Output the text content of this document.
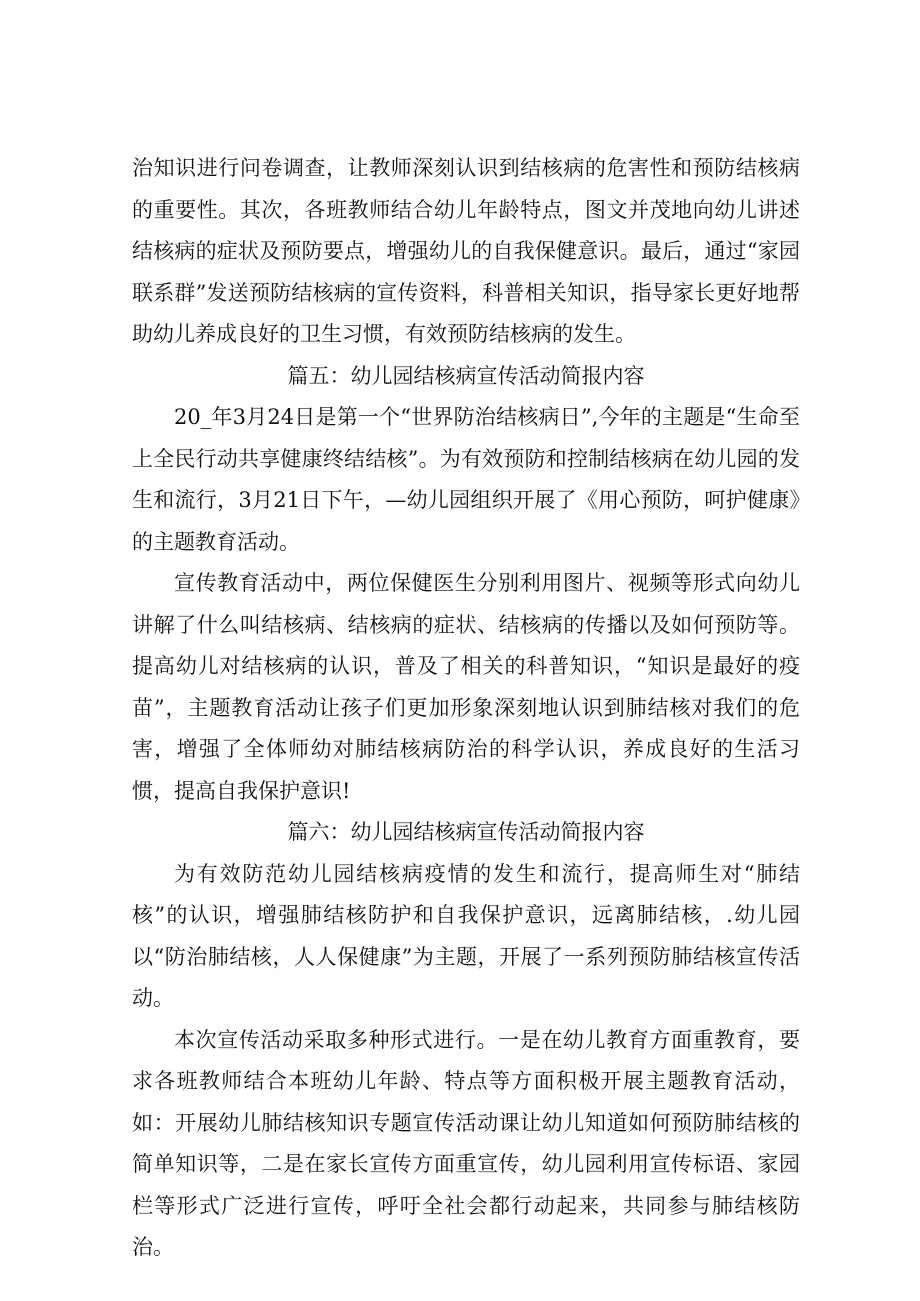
治知识进行问卷调查，让教师深刻认识到结核病的危害性和预防结核病的重要性。其次，各班教师结合幼儿年龄特点，图文并茂地向幼儿讲述结核病的症状及预防要点，增强幼儿的自我保健意识。最后，通过“家园联系群”发送预防结核病的宣传资料，科普相关知识，指导家长更好地帮助幼儿养成良好的卫生习惯，有效预防结核病的发生。

篇五：幼儿园结核病宣传活动简报内容

20_年3月24日是第一个“世界防治结核病日”,今年的主题是“生命至上全民行动共享健康终结结核”。为有效预防和控制结核病在幼儿园的发生和流行，3月21日下午，—幼儿园组织开展了《用心预防，呵护健康》的主题教育活动。

宣传教育活动中，两位保健医生分别利用图片、视频等形式向幼儿讲解了什么叫结核病、结核病的症状、结核病的传播以及如何预防等。提高幼儿对结核病的认识，普及了相关的科普知识，“知识是最好的疫苗”，主题教育活动让孩子们更加形象深刻地认识到肺结核对我们的危害，增强了全体师幼对肺结核病防治的科学认识，养成良好的生活习惯，提高自我保护意识!

篇六：幼儿园结核病宣传活动简报内容

为有效防范幼儿园结核病疫情的发生和流行，提高师生对“肺结核”的认识，增强肺结核防护和自我保护意识，远离肺结核，.幼儿园以“防治肺结核，人人保健康”为主题，开展了一系列预防肺结核宣传活动。

本次宣传活动采取多种形式进行。一是在幼儿教育方面重教育，要求各班教师结合本班幼儿年龄、特点等方面积极开展主题教育活动，如：开展幼儿肺结核知识专题宣传活动课让幼儿知道如何预防肺结核的简单知识等，二是在家长宣传方面重宣传，幼儿园利用宣传标语、家园栏等形式广泛进行宣传，呼吁全社会都行动起来，共同参与肺结核防治。
